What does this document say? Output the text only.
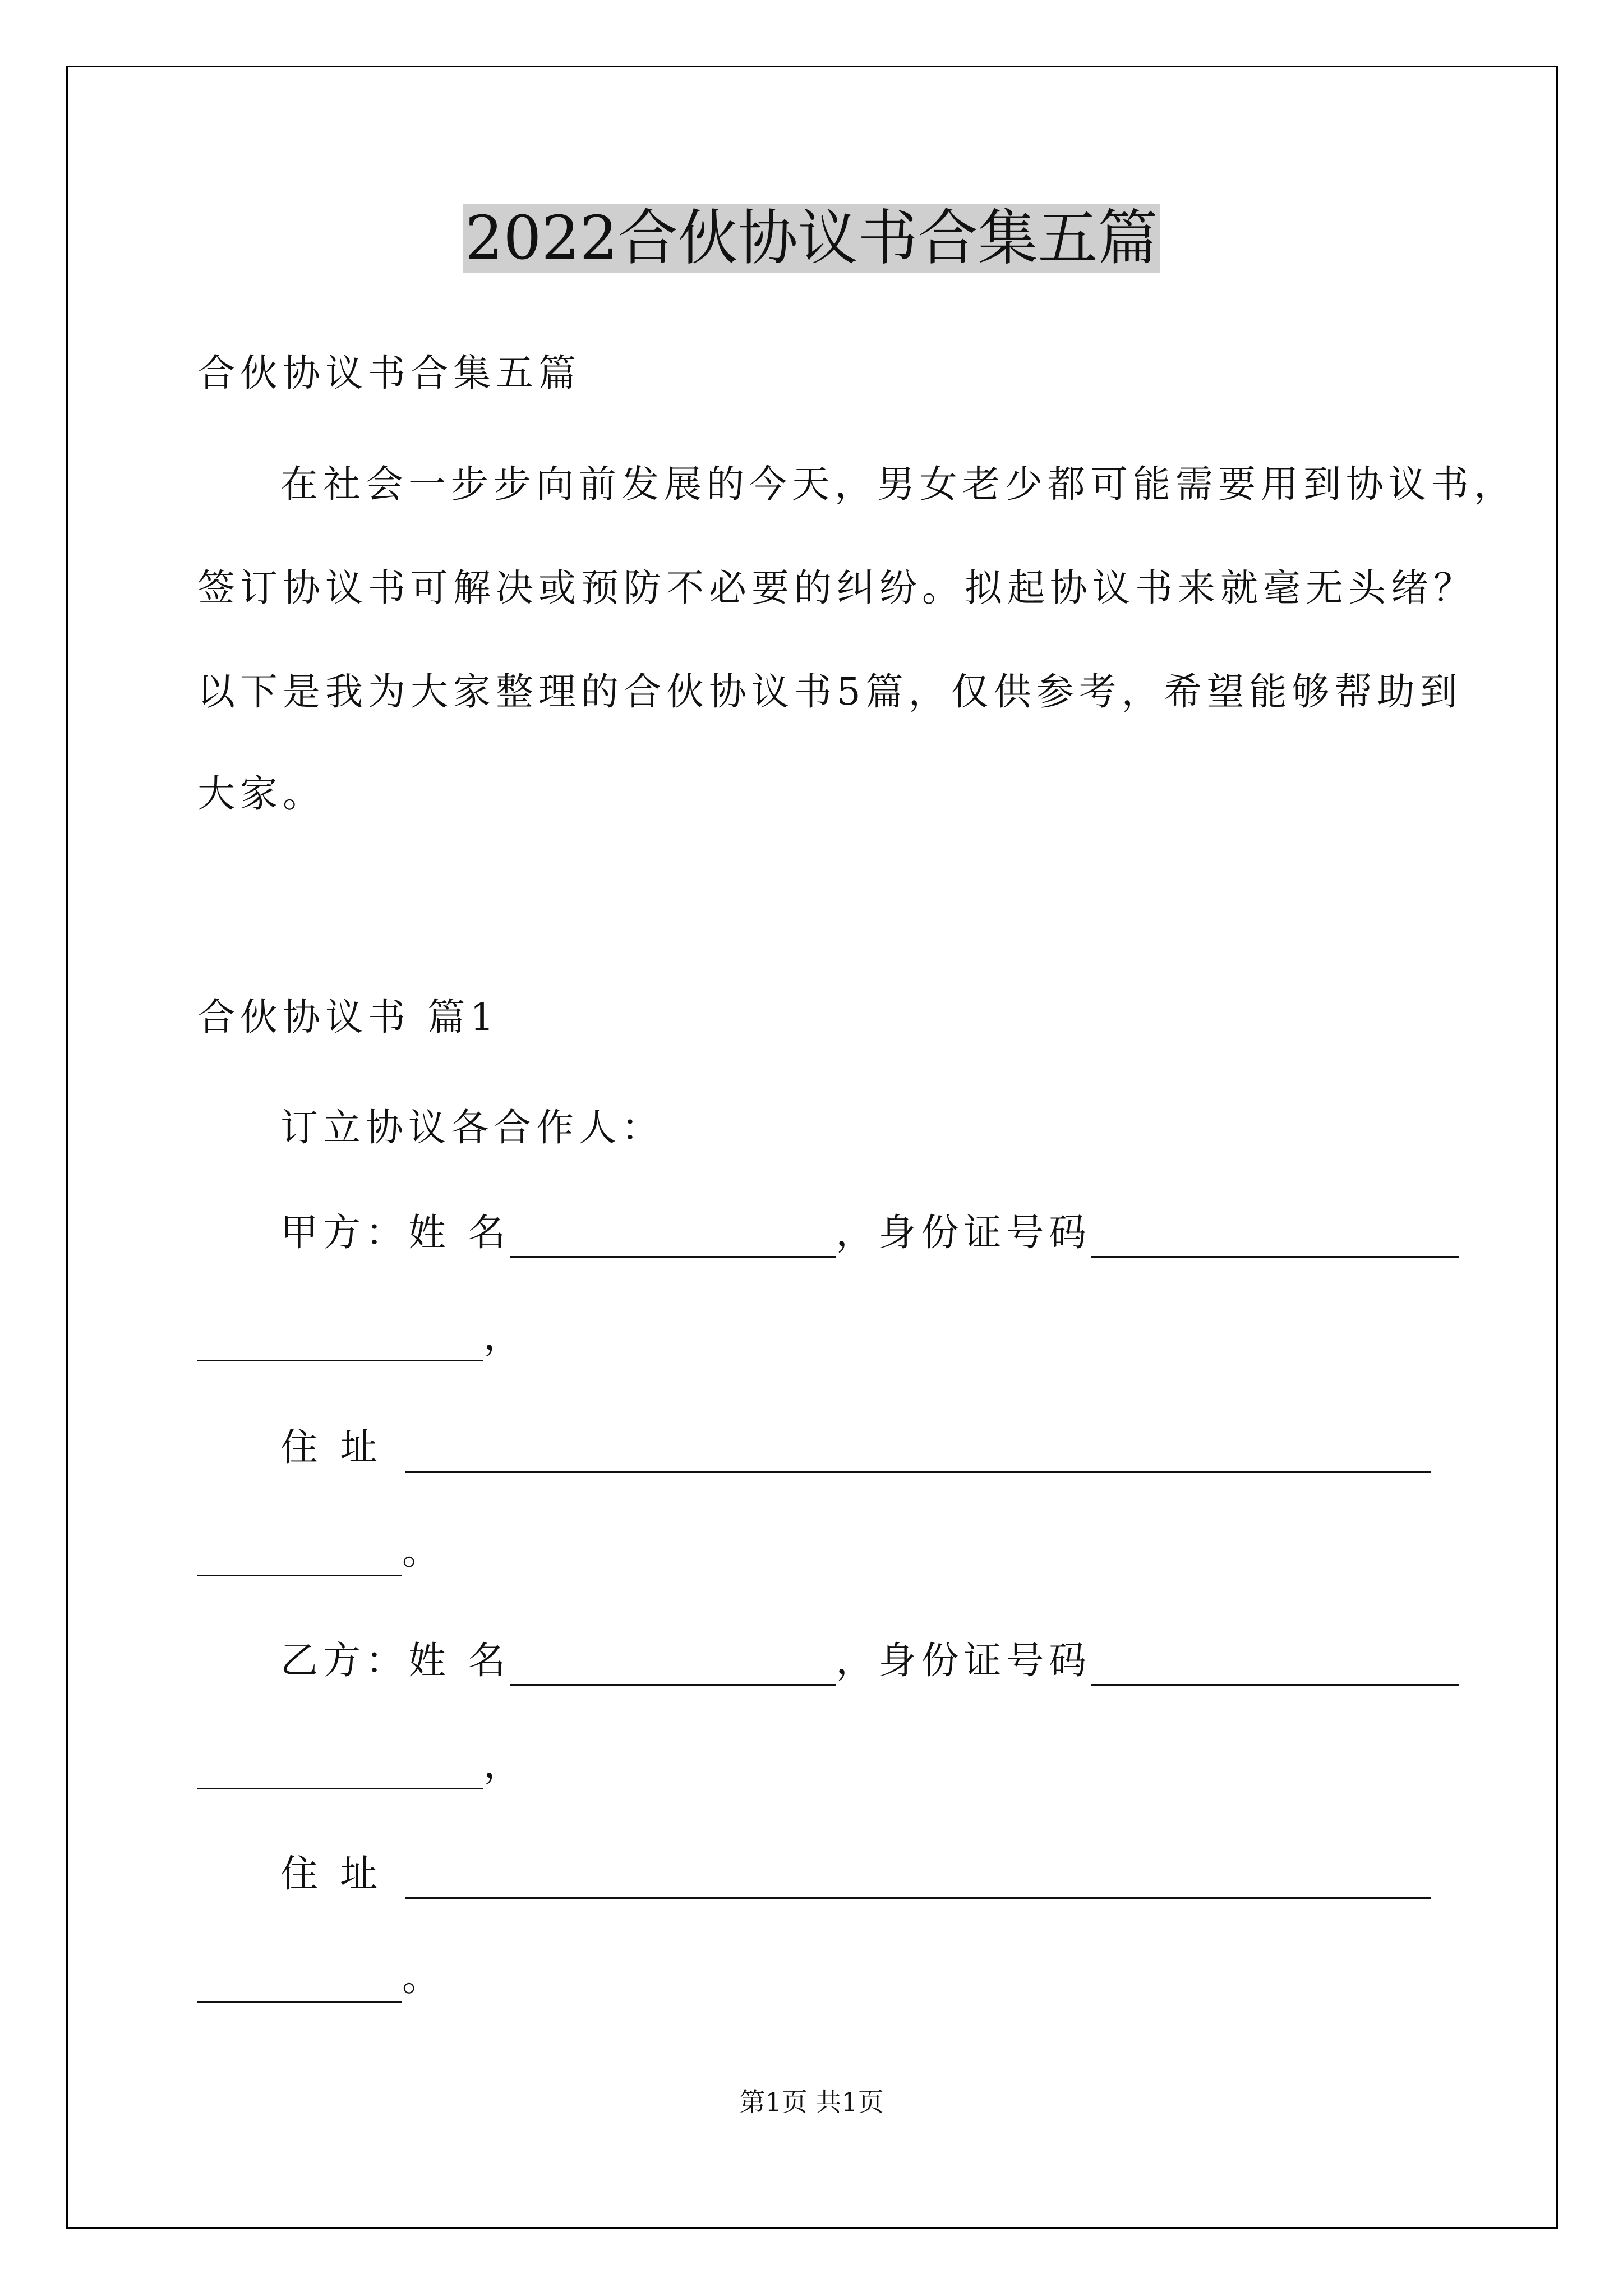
2022合伙协议书合集五篇
合伙协议书合集五篇
在社会一步步向前发展的今天，男女老少都可能需要用到协议书，
签订协议书可解决或预防不必要的纠纷。拟起协议书来就毫无头绪？
以下是我为大家整理的合伙协议书5篇，仅供参考，希望能够帮助到
大家。
合伙协议书 篇1
订立协议各合作人：
甲方：姓 名	，身份证号码
，
住 址
。
乙方：姓 名	，身份证号码
，
住 址
。
第1页 共1页
